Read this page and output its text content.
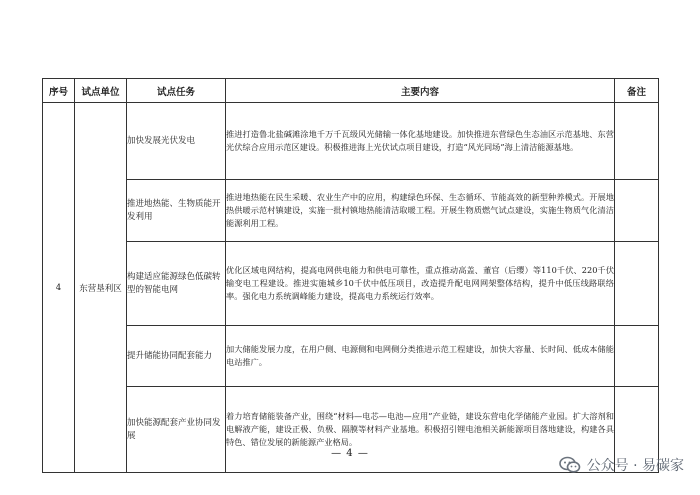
序号	试点单位	试点任务	主要内容	备注
4	东营垦利区	加快发展光伏发电	推进打造鲁北盐碱滩涂地千万千瓦级风光储输一体化基地建设。加快推进东营绿色生态油区示范基地、东营光伏综合应用示范区建设。积极推进海上光伏试点项目建设，打造“风光同场”海上清洁能源基地。	
		推进地热能、生物质能开发利用	推进地热能在民生采暖、农业生产中的应用，构建绿色环保、生态循环、节能高效的新型种养模式。开展地热供暖示范村镇建设，实施一批村镇地热能清洁取暖工程。开展生物质燃气试点建设，实施生物质气化清洁能源利用工程。	
		构建适应能源绿色低碳转型的智能电网	优化区域电网结构，提高电网供电能力和供电可靠性，重点推动高盖、董官（后缨）等110千伏、220千伏输变电工程建设。推进实施城乡10千伏中低压项目，改造提升配电网网架整体结构，提升中低压线路联络率。强化电力系统调峰能力建设，提高电力系统运行效率。	
		提升储能协同配套能力	加大储能发展力度，在用户侧、电源侧和电网侧分类推进示范工程建设，加快大容量、长时间、低成本储能电站推广。	
		加快能源配套产业协同发展	着力培育储能装备产业，围绕“材料—电芯—电池—应用”产业链，建设东营电化学储能产业园。扩大溶剂和电解液产能，建设正极、负极、隔膜等材料产业基地。积极招引锂电池相关新能源项目落地建设，构建各具特色、错位发展的新能源产业格局。	
— 4 —
公众号 · 易碳家
